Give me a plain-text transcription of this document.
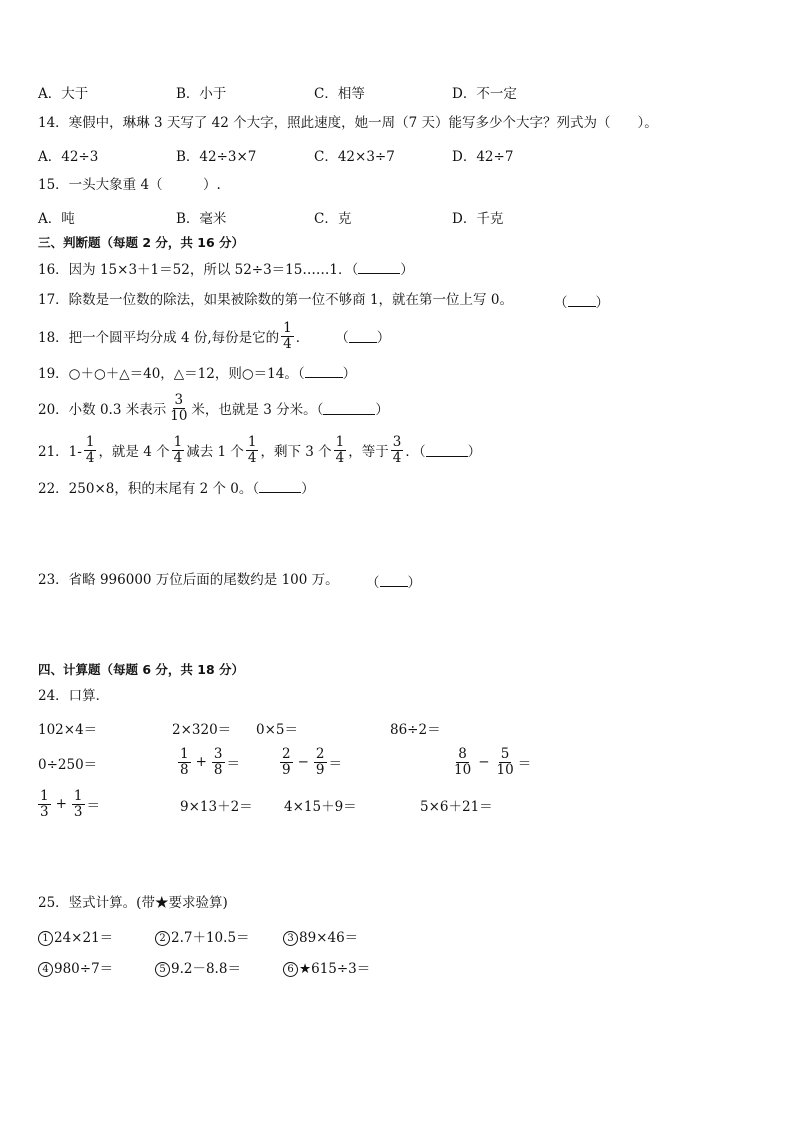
A．大于	B．小于	C．相等	D．不一定
14．寒假中，琳琳 3 天写了 42 个大字，照此速度，她一周（7 天）能写多少个大字？列式为（　　）。
A．42÷3	B．42÷3×7	C．42×3÷7	D．42÷7
15．一头大象重 4（　　　）.
A．吨	B．毫米	C．克	D．千克
三、判断题（每题 2 分，共 16 分）
16．因为 15×3＋1＝52，所以 52÷3＝15……1．（	）
17．除数是一位数的除法，如果被除数的第一位不够商 1，就在第一位上写 0。	（ ）
18．把一个圆平均分成 4 份,每份是它的 $\frac{1}{4}$ ． （ ）
19．○＋○＋△＝40，△＝12，则○＝14。（	）
20．小数 0.3 米表示 $\frac{3}{10}$ 米，也就是 3 分米。（	）
21．$1- \frac{1}{4}$ ，就是 4 个 $\frac{1}{4}$ 减去 1 个 $\frac{1}{4}$ ，剩下 3 个 $\frac{1}{4}$ ，等于 $\frac{3}{4}$ ．（	）
22．250×8，积的末尾有 2 个 0。（	）
23．省略 996000 万位后面的尾数约是 100 万。 （ ）
四、计算题（每题 6 分，共 18 分）
24．口算．
102×4＝	2×320＝ 0×5＝	86÷2＝
0÷250＝	$\frac{1}{8} + \frac{3}{8}$ ＝	$\frac{2}{9} - \frac{2}{9}$ ＝	$\frac{8}{10} - \frac{5}{10}$ ＝
$\frac{1}{3} + \frac{1}{3}$ ＝	9×13＋2＝ 4×15＋9＝	5×6＋21＝
25．竖式计算。(带★要求验算)
1 24×21＝	2 2.7＋10.5＝	3 89×46＝
4 980÷7＝	5 9.2－8.8＝	6 ★615÷3＝
